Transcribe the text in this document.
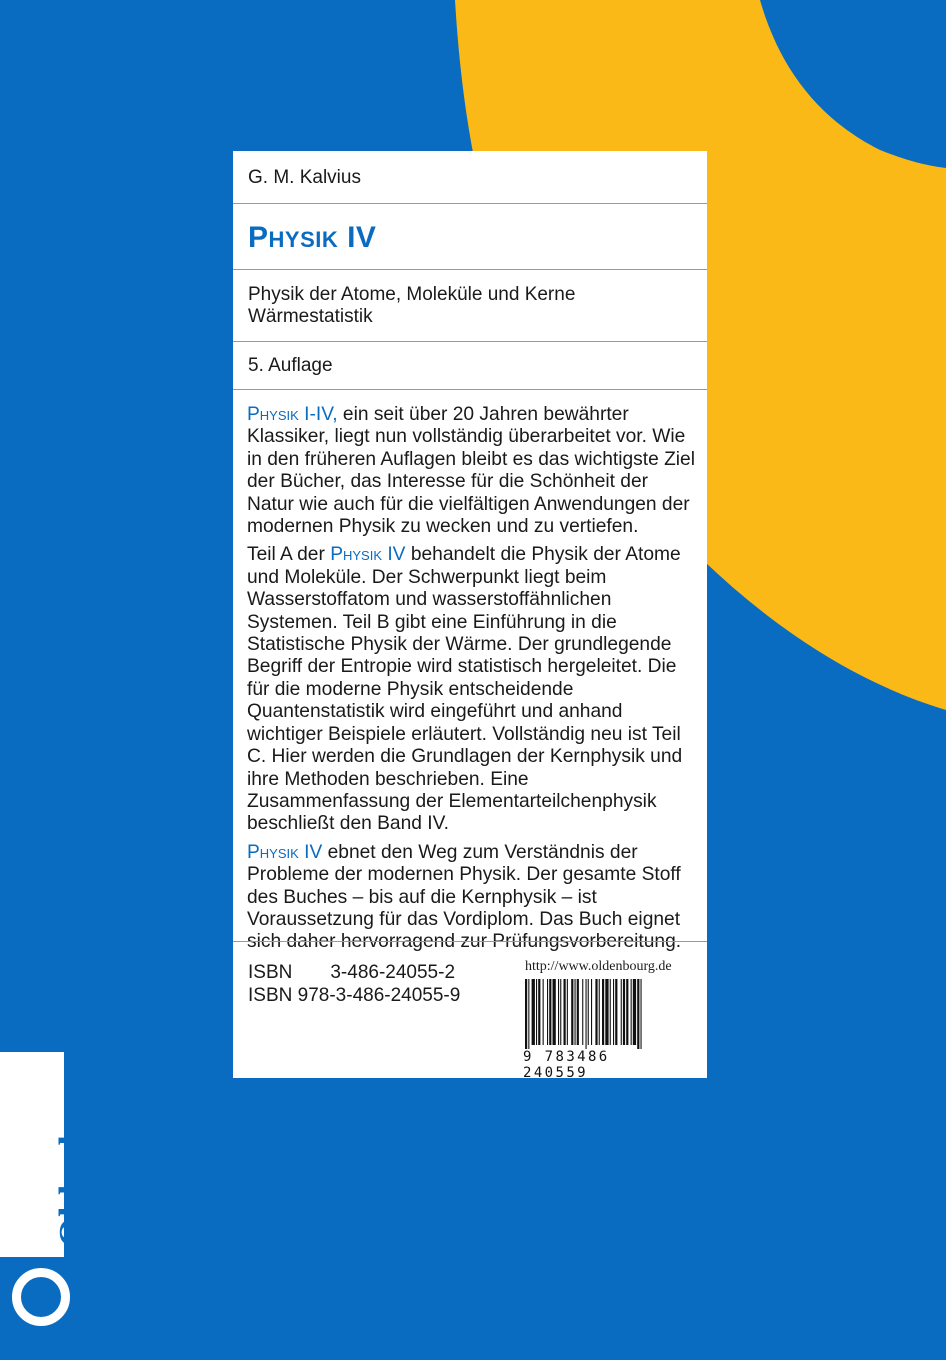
G. M. Kalvius
PHYSIK IV
Physik der Atome, Moleküle und Kerne
Wärmestatistik
5. Auflage

Physik I-IV, ein seit über 20 Jahren bewährter Klassiker, liegt nun vollständig überarbeitet vor. Wie in den früheren Auflagen bleibt es das wichtigste Ziel der Bücher, das Interesse für die Schönheit der Natur wie auch für die vielfältigen Anwendungen der modernen Physik zu wecken und zu vertiefen.

Teil A der Physik IV behandelt die Physik der Atome und Moleküle. Der Schwerpunkt liegt beim Wasserstoffatom und wasserstoffähnlichen Systemen. Teil B gibt eine Einführung in die Statistische Physik der Wärme. Der grundlegende Begriff der Entropie wird statistisch hergeleitet. Die für die moderne Physik entscheidende Quantenstatistik wird eingeführt und anhand wichtiger Beispiele erläutert. Vollständig neu ist Teil C. Hier werden die Grundlagen der Kernphysik und ihre Methoden beschrieben. Eine Zusammenfassung der Elementarteilchenphysik beschließt den Band IV.

Physik IV ebnet den Weg zum Verständnis der Probleme der modernen Physik. Der gesamte Stoff des Buches – bis auf die Kernphysik – ist Voraussetzung für das Vordiplom. Das Buch eignet sich daher hervorragend zur Prüfungsvorbereitung.

ISBN 3-486-24055-2
ISBN 978-3-486-24055-9
http://www.oldenbourg.de
9 783486 240559
Oldenbourg
